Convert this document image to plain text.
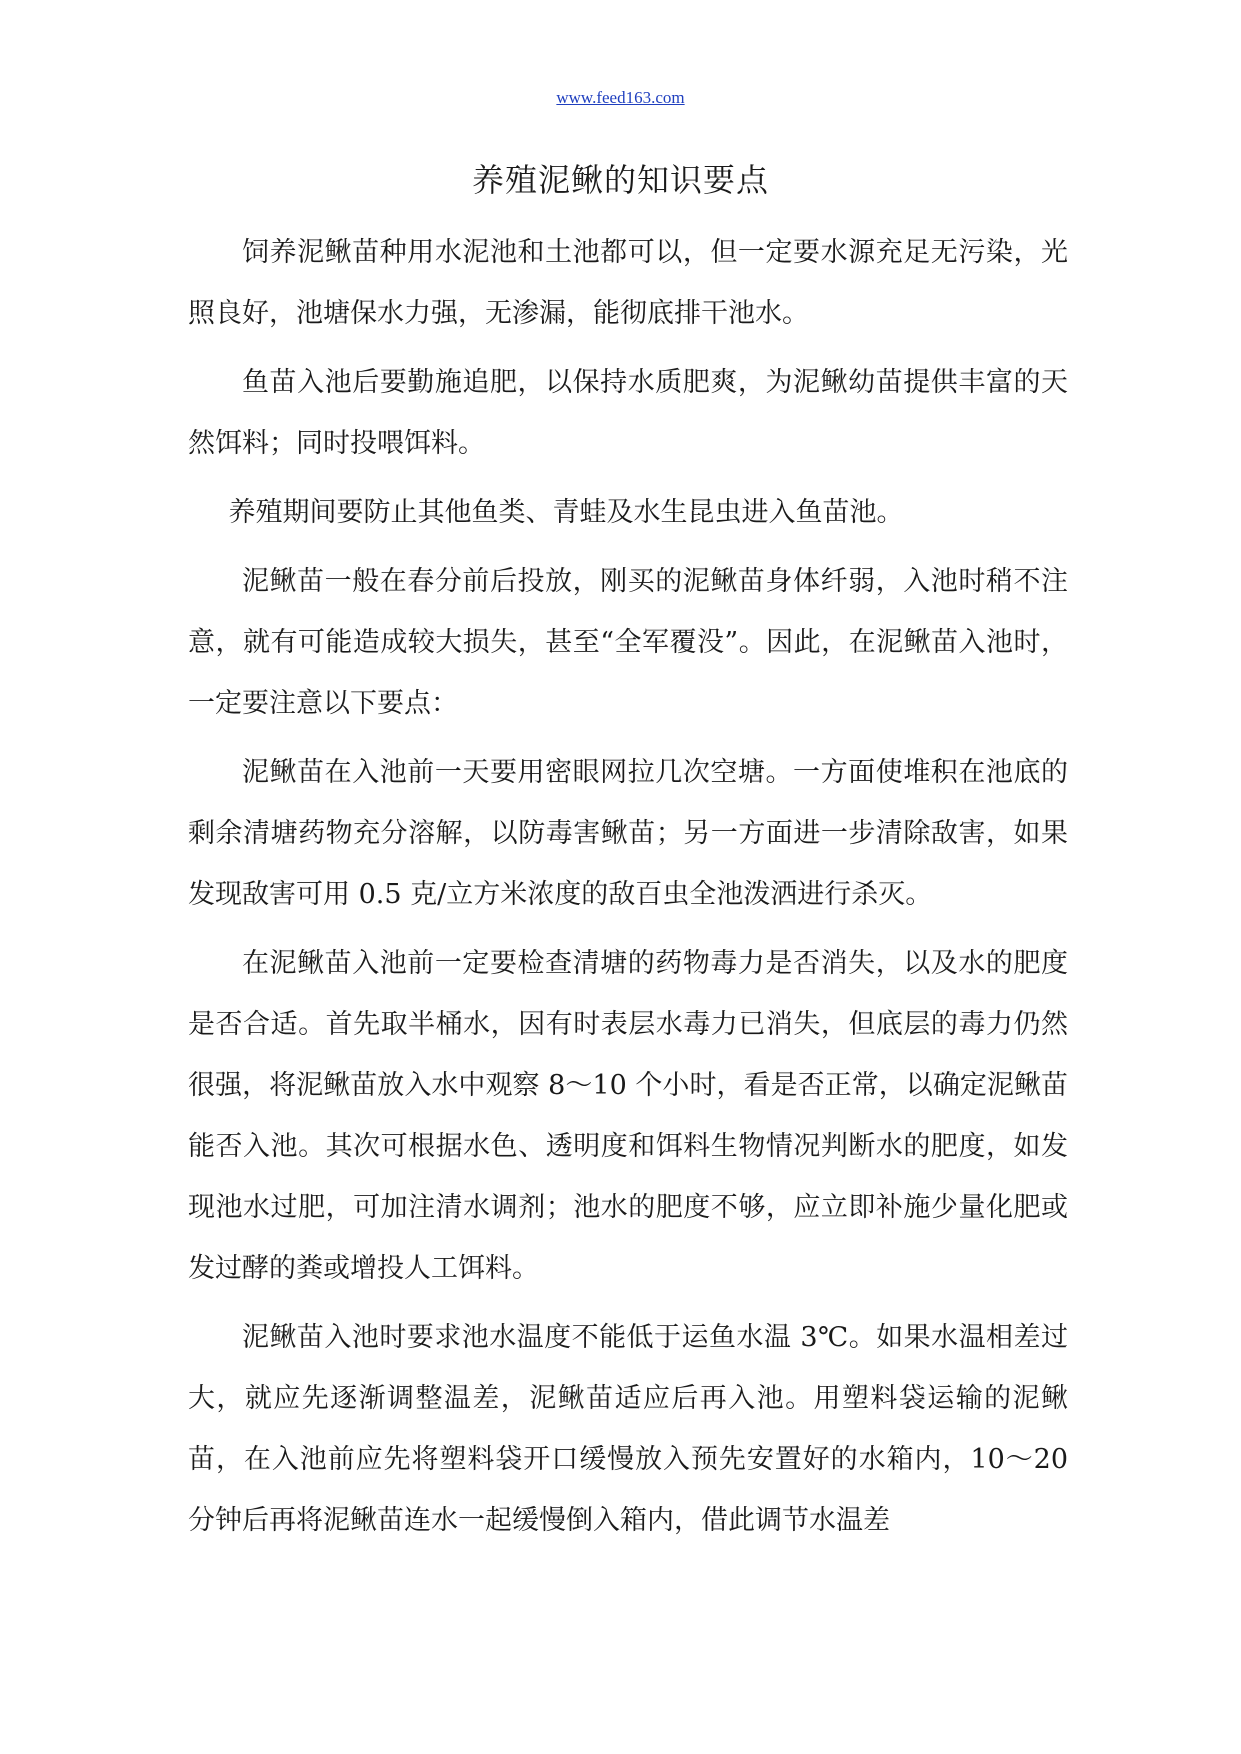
www.feed163.com
养殖泥鳅的知识要点

饲养泥鳅苗种用水泥池和土池都可以，但一定要水源充足无污染，光照良好，池塘保水力强，无渗漏，能彻底排干池水。

鱼苗入池后要勤施追肥，以保持水质肥爽，为泥鳅幼苗提供丰富的天然饵料；同时投喂饵料。

养殖期间要防止其他鱼类、青蛙及水生昆虫进入鱼苗池。

泥鳅苗一般在春分前后投放，刚买的泥鳅苗身体纤弱，入池时稍不注意，就有可能造成较大损失，甚至“全军覆没”。因此，在泥鳅苗入池时，一定要注意以下要点：

泥鳅苗在入池前一天要用密眼网拉几次空塘。一方面使堆积在池底的剩余清塘药物充分溶解，以防毒害鳅苗；另一方面进一步清除敌害，如果发现敌害可用 0.5 克/立方米浓度的敌百虫全池泼洒进行杀灭。

在泥鳅苗入池前一定要检查清塘的药物毒力是否消失，以及水的肥度是否合适。首先取半桶水，因有时表层水毒力已消失，但底层的毒力仍然很强，将泥鳅苗放入水中观察 8～10 个小时，看是否正常，以确定泥鳅苗能否入池。其次可根据水色、透明度和饵料生物情况判断水的肥度，如发现池水过肥，可加注清水调剂；池水的肥度不够，应立即补施少量化肥或发过酵的粪或增投人工饵料。

泥鳅苗入池时要求池水温度不能低于运鱼水温 3℃。如果水温相差过大，就应先逐渐调整温差，泥鳅苗适应后再入池。用塑料袋运输的泥鳅苗，在入池前应先将塑料袋开口缓慢放入预先安置好的水箱内，10～20 分钟后再将泥鳅苗连水一起缓慢倒入箱内，借此调节水温差
